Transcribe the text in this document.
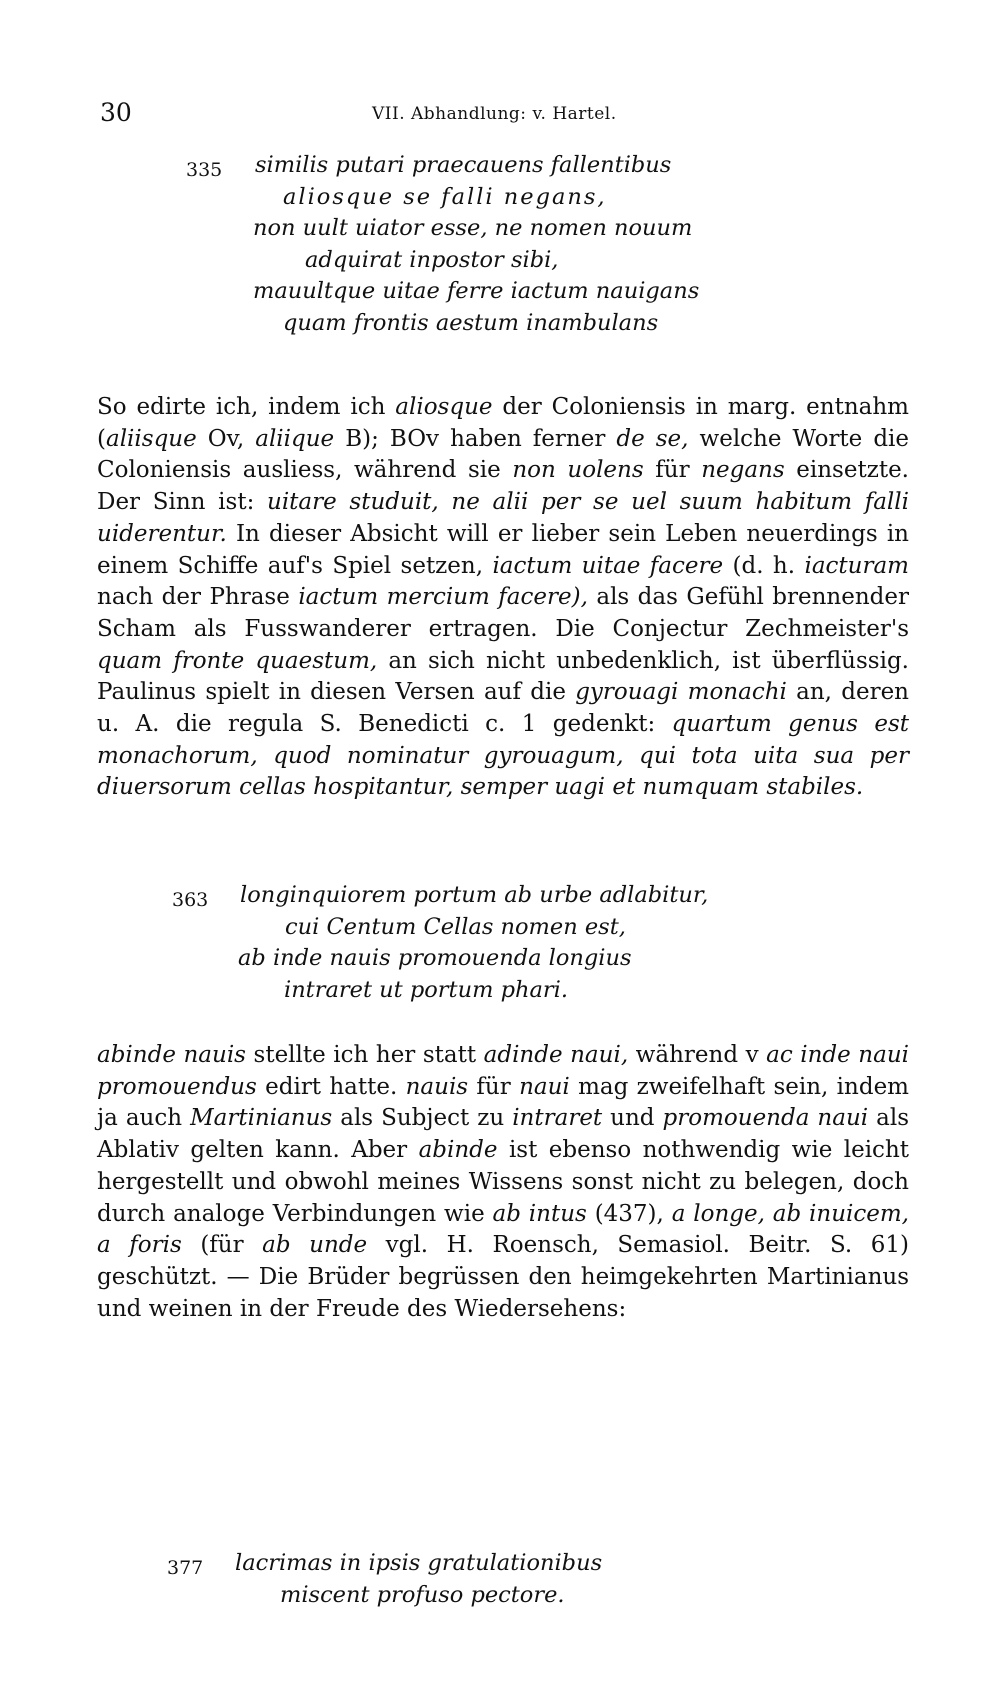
30	VII. Abhandlung: v. Hartel.
335 similis putari praecauens fallentibus
aliosque se falli negans,
non uult uiator esse, ne nomen nouum
adquirat inpostor sibi,
mauultque uitae ferre iactum nauigans
quam frontis aestum inambulans

So edirte ich, indem ich aliosque der Coloniensis in marg. entnahm (aliisque Ov, aliique B); BOv haben ferner de se, welche Worte die Coloniensis ausliess, während sie non uolens für negans einsetzte. Der Sinn ist: uitare studuit, ne alii per se uel suum habitum falli uiderentur. In dieser Absicht will er lieber sein Leben neuerdings in einem Schiffe auf's Spiel setzen, iactum uitae facere (d. h. iacturam nach der Phrase iactum mercium facere), als das Gefühl brennender Scham als Fusswanderer ertragen. Die Conjectur Zechmeister's quam fronte quaestum, an sich nicht unbedenklich, ist überflüssig. Paulinus spielt in diesen Versen auf die gyrouagi monachi an, deren u. A. die regula S. Benedicti c. 1 gedenkt: quartum genus est monachorum, quod nominatur gyrouagum, qui tota uita sua per diuersorum cellas hospitantur, semper uagi et numquam stabiles.

363 longinquiorem portum ab urbe adlabitur,
cui Centum Cellas nomen est,
ab inde nauis promouenda longius
intraret ut portum phari.

abinde nauis stellte ich her statt adinde naui, während v ac inde naui promouendus edirt hatte. nauis für naui mag zweifelhaft sein, indem ja auch Martinianus als Subject zu intraret und promouenda naui als Ablativ gelten kann. Aber abinde ist ebenso nothwendig wie leicht hergestellt und obwohl meines Wissens sonst nicht zu belegen, doch durch analoge Verbindungen wie ab intus (437), a longe, ab inuicem, a foris (für ab unde vgl. H. Roensch, Semasiol. Beitr. S. 61) geschützt. — Die Brüder begrüssen den heimgekehrten Martinianus und weinen in der Freude des Wiedersehens:

377 lacrimas in ipsis gratulationibus
miscent profuso pectore.
